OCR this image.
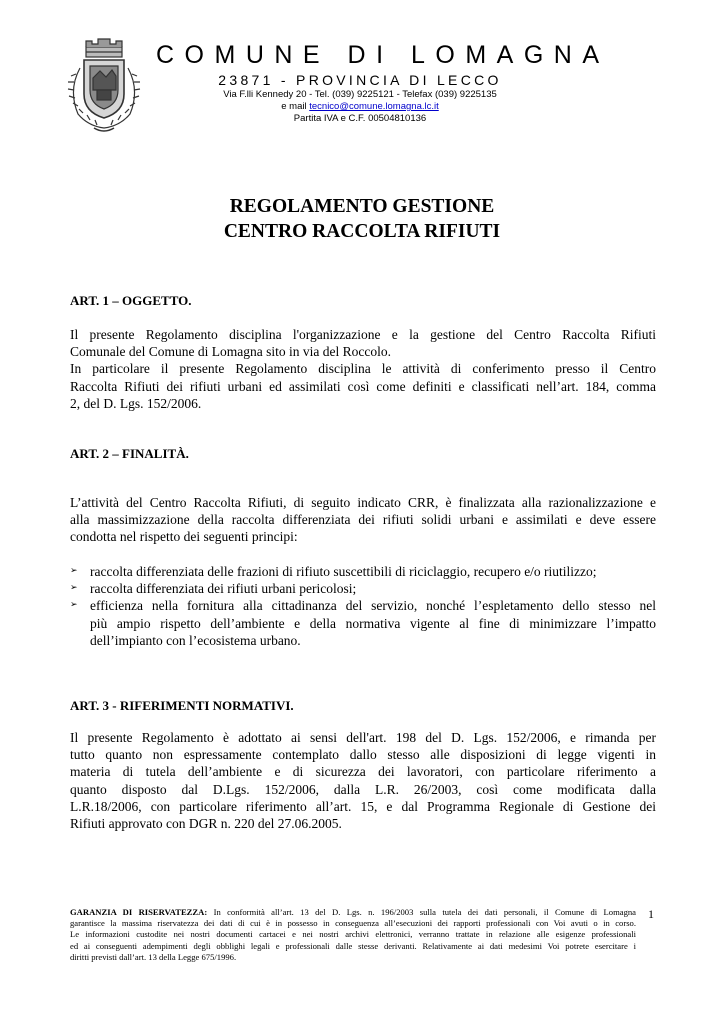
COMUNE DI LOMAGNA
23871 - PROVINCIA DI LECCO
Via F.lli Kennedy 20 - Tel. (039) 9225121 - Telefax (039) 9225135
e mail tecnico@comune.lomagna.lc.it
Partita IVA e C.F. 00504810136
REGOLAMENTO GESTIONE
CENTRO RACCOLTA RIFIUTI
ART. 1 – OGGETTO.
Il presente Regolamento disciplina l'organizzazione e la gestione del Centro Raccolta Rifiuti
Comunale del Comune di Lomagna sito in via del Roccolo.
In particolare il presente Regolamento disciplina le attività di conferimento presso il Centro
Raccolta Rifiuti dei rifiuti urbani ed assimilati così come definiti e classificati nell’art. 184, comma
2, del D. Lgs. 152/2006.
ART. 2 – FINALITÀ.
L’attività del Centro Raccolta Rifiuti, di seguito indicato CRR, è finalizzata alla razionalizzazione e
alla massimizzazione della raccolta differenziata dei rifiuti solidi urbani e assimilati e deve essere
condotta nel rispetto dei seguenti principi:
➢ raccolta differenziata delle frazioni di rifiuto suscettibili di riciclaggio, recupero e/o riutilizzo;
➢ raccolta differenziata dei rifiuti urbani pericolosi;
➢ efficienza nella fornitura alla cittadinanza del servizio, nonché l’espletamento dello stesso nel
più ampio rispetto dell’ambiente e della normativa vigente al fine di minimizzare l’impatto
dell’impianto con l’ecosistema urbano.
ART. 3 - RIFERIMENTI NORMATIVI.
Il presente Regolamento è adottato ai sensi dell'art. 198 del D. Lgs. 152/2006, e rimanda per
tutto quanto non espressamente contemplato dallo stesso alle disposizioni di legge vigenti in
materia di tutela dell’ambiente e di sicurezza dei lavoratori, con particolare riferimento a
quanto disposto dal D.Lgs. 152/2006, dalla L.R. 26/2003, così come modificata dalla
L.R.18/2006, con particolare riferimento all’art. 15, e dal Programma Regionale di Gestione dei
Rifiuti approvato con DGR n. 220 del 27.06.2005.
GARANZIA DI RISERVATEZZA: In conformità all’art. 13 del D. Lgs. n. 196/2003 sulla tutela dei dati personali, il Comune di Lomagna
garantisce la massima riservatezza dei dati di cui è in possesso in conseguenza all’esecuzioni dei rapporti professionali con Voi avuti o in corso.
Le informazioni custodite nei nostri documenti cartacei e nei nostri archivi elettronici, verranno trattate in relazione alle esigenze professionali
ed ai conseguenti adempimenti degli obblighi legali e professionali dalle stesse derivanti. Relativamente ai dati medesimi Voi potrete esercitare i
diritti previsti dall’art. 13 della Legge 675/1996.
1
